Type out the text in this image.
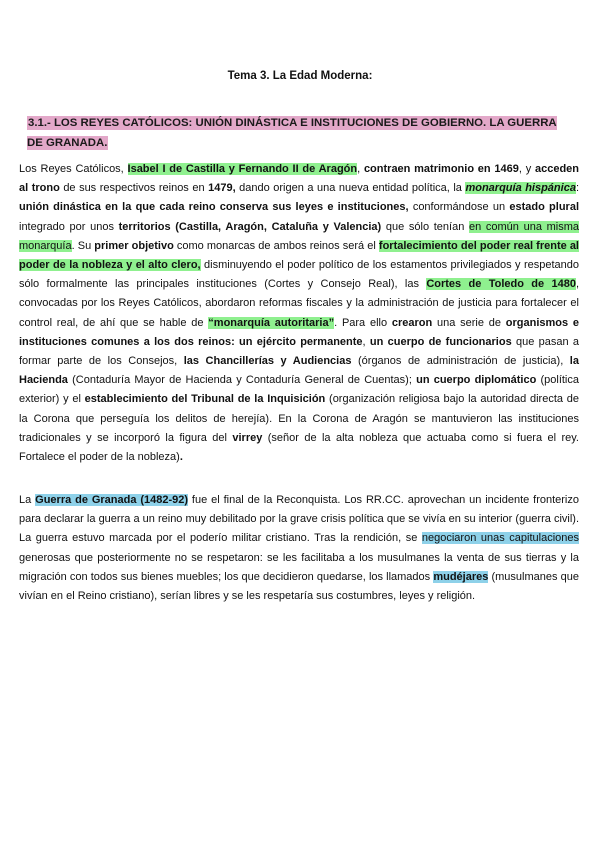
Tema 3. La Edad Moderna:
3.1.- LOS REYES CATÓLICOS: UNIÓN DINÁSTICA E INSTITUCIONES DE GOBIERNO. LA GUERRA DE GRANADA.
Los Reyes Católicos, Isabel I de Castilla y Fernando II de Aragón, contraen matrimonio en 1469, y acceden al trono de sus respectivos reinos en 1479, dando origen a una nueva entidad política, la monarquía hispánica: unión dinástica en la que cada reino conserva sus leyes e instituciones, conformándose un estado plural integrado por unos territorios (Castilla, Aragón, Cataluña y Valencia) que sólo tenían en común una misma monarquía. Su primer objetivo como monarcas de ambos reinos será el fortalecimiento del poder real frente al poder de la nobleza y el alto clero, disminuyendo el poder político de los estamentos privilegiados y respetando sólo formalmente las principales instituciones (Cortes y Consejo Real), las Cortes de Toledo de 1480, convocadas por los Reyes Católicos, abordaron reformas fiscales y la administración de justicia para fortalecer el control real, de ahí que se hable de “monarquía autoritaria”. Para ello crearon una serie de organismos e instituciones comunes a los dos reinos: un ejército permanente, un cuerpo de funcionarios que pasan a formar parte de los Consejos, las Chancillerías y Audiencias (órganos de administración de justicia), la Hacienda (Contaduría Mayor de Hacienda y Contaduría General de Cuentas); un cuerpo diplomático (política exterior) y el establecimiento del Tribunal de la Inquisición (organización religiosa bajo la autoridad directa de la Corona que perseguía los delitos de herejía). En la Corona de Aragón se mantuvieron las instituciones tradicionales y se incorporó la figura del virrey (señor de la alta nobleza que actuaba como si fuera el rey. Fortalece el poder de la nobleza).
La Guerra de Granada (1482-92) fue el final de la Reconquista. Los RR.CC. aprovechan un incidente fronterizo para declarar la guerra a un reino muy debilitado por la grave crisis política que se vivía en su interior (guerra civil). La guerra estuvo marcada por el poderío militar cristiano. Tras la rendición, se negociaron unas capitulaciones generosas que posteriormente no se respetaron: se les facilitaba a los musulmanes la venta de sus tierras y la migración con todos sus bienes muebles; los que decidieron quedarse, los llamados mudéjares (musulmanes que vivían en el Reino cristiano), serían libres y se les respetaría sus costumbres, leyes y religión.
